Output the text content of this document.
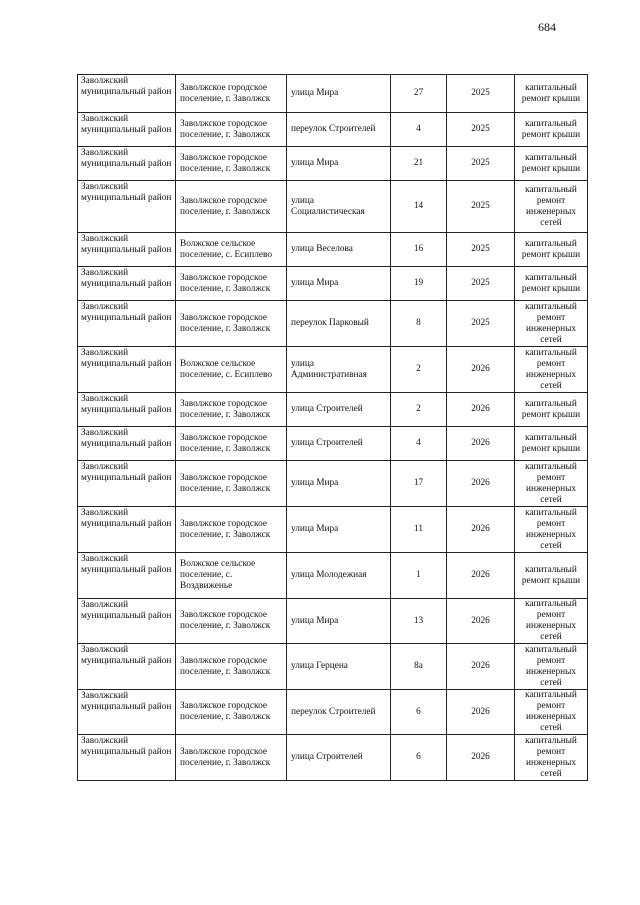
684
Заволжский муниципальный район	Заволжское городское поселение, г. Заволжск	улица Мира	27	2025	капитальный ремонт крыши
Заволжский муниципальный район	Заволжское городское поселение, г. Заволжск	переулок Строителей	4	2025	капитальный ремонт крыши
Заволжский муниципальный район	Заволжское городское поселение, г. Заволжск	улица Мира	21	2025	капитальный ремонт крыши
Заволжский муниципальный район	Заволжское городское поселение, г. Заволжск	улица Социалистическая	14	2025	капитальный ремонт инженерных сетей
Заволжский муниципальный район	Волжское сельское поселение, с. Есиплево	улица Веселова	16	2025	капитальный ремонт крыши
Заволжский муниципальный район	Заволжское городское поселение, г. Заволжск	улица Мира	19	2025	капитальный ремонт крыши
Заволжский муниципальный район	Заволжское городское поселение, г. Заволжск	переулок Парковый	8	2025	капитальный ремонт инженерных сетей
Заволжский муниципальный район	Волжское сельское поселение, с. Есиплево	улица Административная	2	2026	капитальный ремонт инженерных сетей
Заволжский муниципальный район	Заволжское городское поселение, г. Заволжск	улица Строителей	2	2026	капитальный ремонт крыши
Заволжский муниципальный район	Заволжское городское поселение, г. Заволжск	улица Строителей	4	2026	капитальный ремонт крыши
Заволжский муниципальный район	Заволжское городское поселение, г. Заволжск	улица Мира	17	2026	капитальный ремонт инженерных сетей
Заволжский муниципальный район	Заволжское городское поселение, г. Заволжск	улица Мира	11	2026	капитальный ремонт инженерных сетей
Заволжский муниципальный район	Волжское сельское поселение, с. Воздвиженье	улица Молодежная	1	2026	капитальный ремонт крыши
Заволжский муниципальный район	Заволжское городское поселение, г. Заволжск	улица Мира	13	2026	капитальный ремонт инженерных сетей
Заволжский муниципальный район	Заволжское городское поселение, г. Заволжск	улица Герцена	8а	2026	капитальный ремонт инженерных сетей
Заволжский муниципальный район	Заволжское городское поселение, г. Заволжск	переулок Строителей	6	2026	капитальный ремонт инженерных сетей
Заволжский муниципальный район	Заволжское городское поселение, г. Заволжск	улица Строителей	6	2026	капитальный ремонт инженерных сетей
